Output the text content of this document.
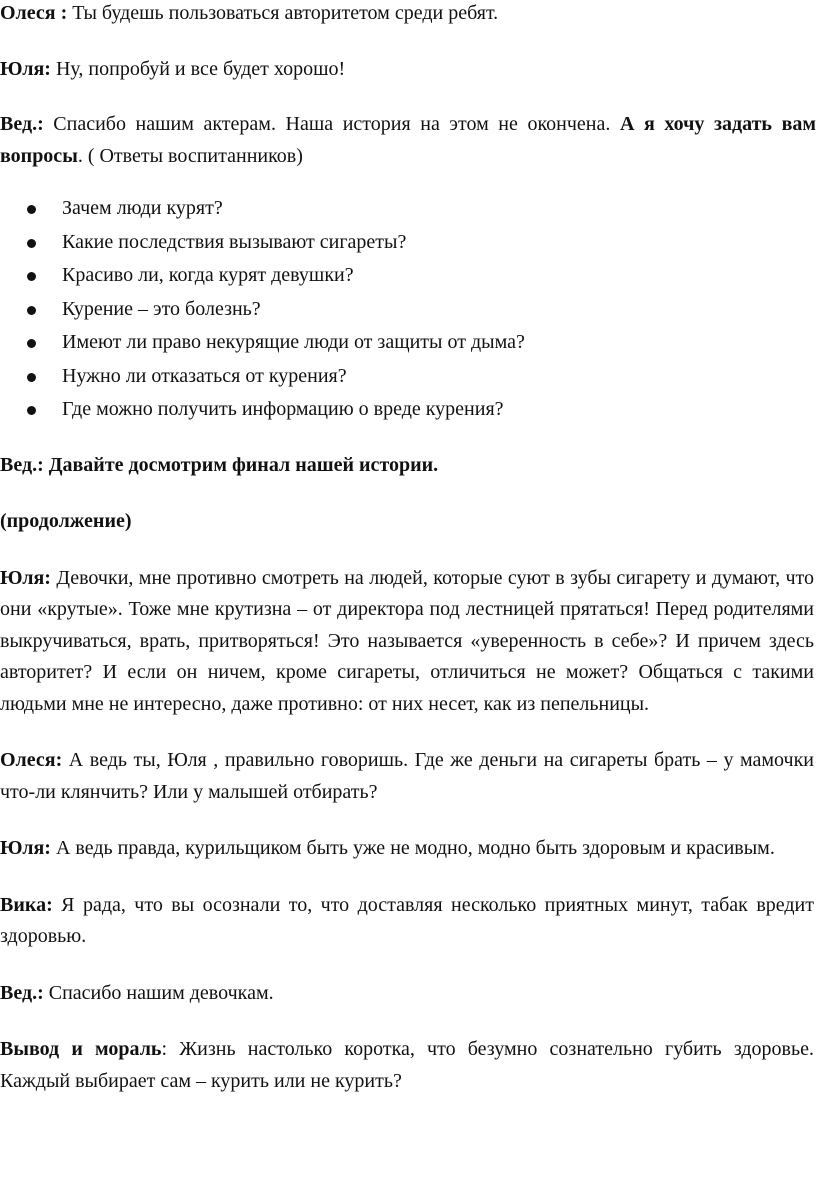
Олеся : Ты будешь пользоваться авторитетом среди ребят.

Юля: Ну, попробуй и все будет хорошо!

Вед.: Спасибо нашим актерам. Наша история на этом не окончена. А я хочу задать вам вопросы. ( Ответы воспитанников)

Зачем люди курят?
Какие последствия вызывают сигареты?
Красиво ли, когда курят девушки?
Курение – это болезнь?
Имеют ли право некурящие люди от защиты от дыма?
Нужно ли отказаться от курения?
Где можно получить информацию о вреде курения?

Вед.: Давайте досмотрим финал нашей истории.

(продолжение)

Юля: Девочки, мне противно смотреть на людей, которые суют в зубы сигарету и думают, что они «крутые». Тоже мне крутизна – от директора под лестницей прятаться! Перед родителями выкручиваться, врать, притворяться! Это называется «уверенность в себе»? И причем здесь авторитет? И если он ничем, кроме сигареты, отличиться не может? Общаться с такими людьми мне не интересно, даже противно: от них несет, как из пепельницы.

Олеся: А ведь ты, Юля , правильно говоришь. Где же деньги на сигареты брать – у мамочки что-ли клянчить? Или у малышей отбирать?

Юля: А ведь правда, курильщиком быть уже не модно, модно быть здоровым и красивым.

Вика: Я рада, что вы осознали то, что доставляя несколько приятных минут, табак вредит здоровью.

Вед.: Спасибо нашим девочкам.

Вывод и мораль: Жизнь настолько коротка, что безумно сознательно губить здоровье. Каждый выбирает сам – курить или не курить?
